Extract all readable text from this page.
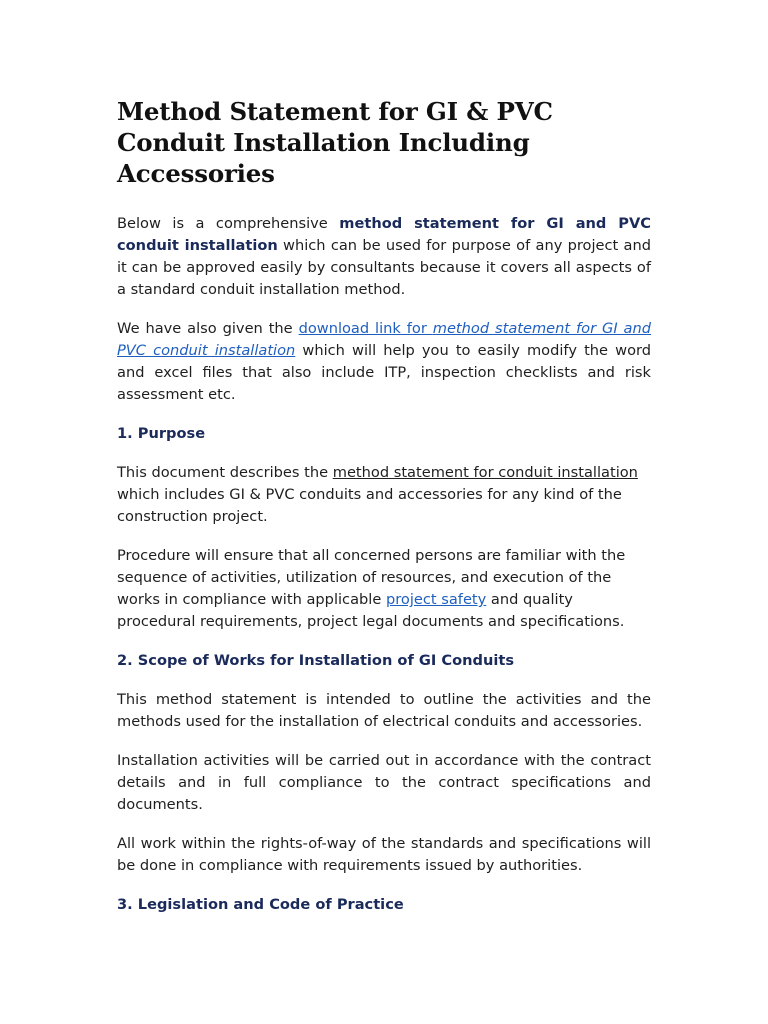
Method Statement for GI & PVC Conduit Installation Including Accessories

Below is a comprehensive method statement for GI and PVC conduit installation which can be used for purpose of any project and it can be approved easily by consultants because it covers all aspects of a standard conduit installation method.

We have also given the download link for method statement for GI and PVC conduit installation which will help you to easily modify the word and excel files that also include ITP, inspection checklists and risk assessment etc.

1. Purpose

This document describes the method statement for conduit installation which includes GI & PVC conduits and accessories for any kind of the construction project.

Procedure will ensure that all concerned persons are familiar with the sequence of activities, utilization of resources, and execution of the works in compliance with applicable project safety and quality procedural requirements, project legal documents and specifications.

2. Scope of Works for Installation of GI Conduits

This method statement is intended to outline the activities and the methods used for the installation of electrical conduits and accessories.

Installation activities will be carried out in accordance with the contract details and in full compliance to the contract specifications and documents.

All work within the rights-of-way of the standards and specifications will be done in compliance with requirements issued by authorities.

3. Legislation and Code of Practice
